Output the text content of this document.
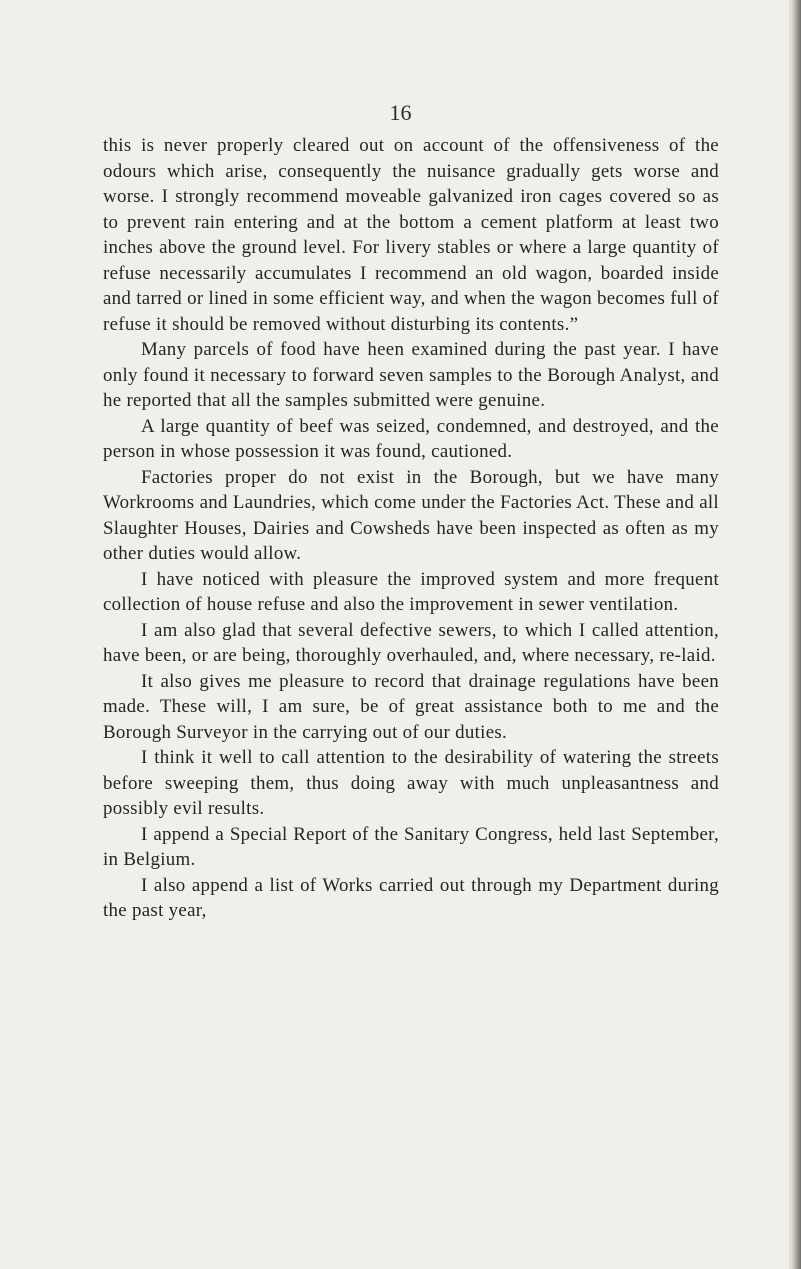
16

this is never properly cleared out on account of the offensiveness of the odours which arise, consequently the nuisance gradually gets worse and worse. I strongly recommend moveable galvanized iron cages covered so as to prevent rain entering and at the bottom a cement platform at least two inches above the ground level. For livery stables or where a large quantity of refuse necessarily accumulates I recommend an old wagon, boarded inside and tarred or lined in some efficient way, and when the wagon becomes full of refuse it should be removed without disturbing its contents.”

Many parcels of food have heen examined during the past year. I have only found it necessary to forward seven samples to the Borough Analyst, and he reported that all the samples submitted were genuine.

A large quantity of beef was seized, condemned, and destroyed, and the person in whose possession it was found, cautioned.

Factories proper do not exist in the Borough, but we have many Workrooms and Laundries, which come under the Factories Act. These and all Slaughter Houses, Dairies and Cowsheds have been inspected as often as my other duties would allow.

I have noticed with pleasure the improved system and more frequent collection of house refuse and also the improvement in sewer ventilation.

I am also glad that several defective sewers, to which I called attention, have been, or are being, thoroughly overhauled, and, where necessary, re-laid.

It also gives me pleasure to record that drainage regulations have been made. These will, I am sure, be of great assistance both to me and the Borough Surveyor in the carrying out of our duties.

I think it well to call attention to the desirability of watering the streets before sweeping them, thus doing away with much unpleasantness and possibly evil results.

I append a Special Report of the Sanitary Congress, held last September, in Belgium.

I also append a list of Works carried out through my Department during the past year,
